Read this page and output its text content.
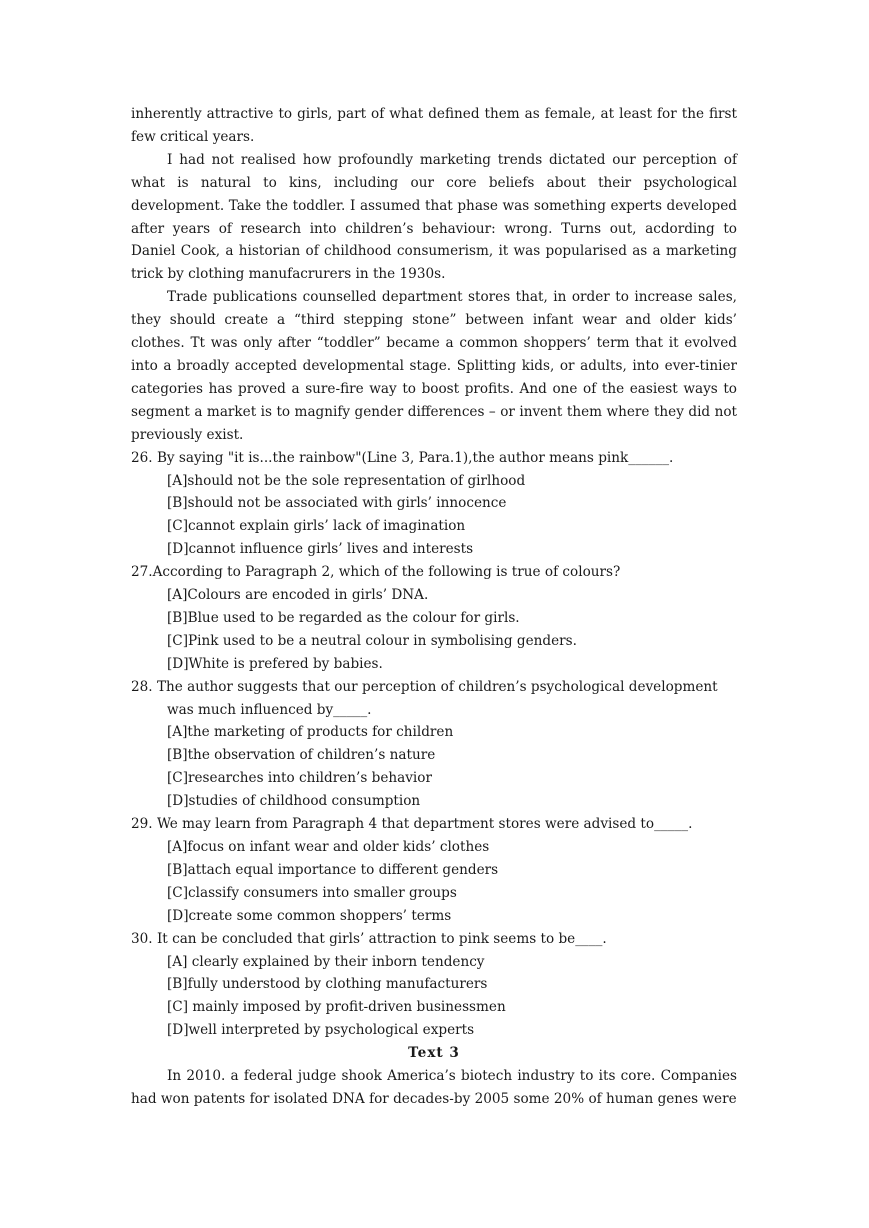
inherently attractive to girls, part of what defined them as female, at least for the first few critical years.

I had not realised how profoundly marketing trends dictated our perception of what is natural to kins, including our core beliefs about their psychological development. Take the toddler. I assumed that phase was something experts developed after years of research into children’s behaviour: wrong. Turns out, acdording to Daniel Cook, a historian of childhood consumerism, it was popularised as a marketing trick by clothing manufacrurers in the 1930s.

Trade publications counselled department stores that, in order to increase sales, they should create a “third stepping stone” between infant wear and older kids’ clothes. Tt was only after “toddler” became a common shoppers’ term that it evolved into a broadly accepted developmental stage. Splitting kids, or adults, into ever-tinier categories has proved a sure-fire way to boost profits. And one of the easiest ways to segment a market is to magnify gender differences – or invent them where they did not previously exist.

26. By saying "it is...the rainbow"(Line 3, Para.1),the author means pink______.

[A]should not be the sole representation of girlhood

[B]should not be associated with girls’ innocence

[C]cannot explain girls’ lack of imagination

[D]cannot influence girls’ lives and interests

27.According to Paragraph 2, which of the following is true of colours?

[A]Colours are encoded in girls’ DNA.

[B]Blue used to be regarded as the colour for girls.

[C]Pink used to be a neutral colour in symbolising genders.

[D]White is prefered by babies.

28. The author suggests that our perception of children’s psychological development was much influenced by_____.

[A]the marketing of products for children

[B]the observation of children’s nature

[C]researches into children’s behavior

[D]studies of childhood consumption

29. We may learn from Paragraph 4 that department stores were advised to_____.

[A]focus on infant wear and older kids’ clothes

[B]attach equal importance to different genders

[C]classify consumers into smaller groups

[D]create some common shoppers’ terms

30. It can be concluded that girls’ attraction to pink seems to be____.

[A] clearly explained by their inborn tendency

[B]fully understood by clothing manufacturers

[C] mainly imposed by profit-driven businessmen

[D]well interpreted by psychological experts

Text 3

In 2010. a federal judge shook America’s biotech industry to its core. Companies had won patents for isolated DNA for decades-by 2005 some 20% of human genes were
